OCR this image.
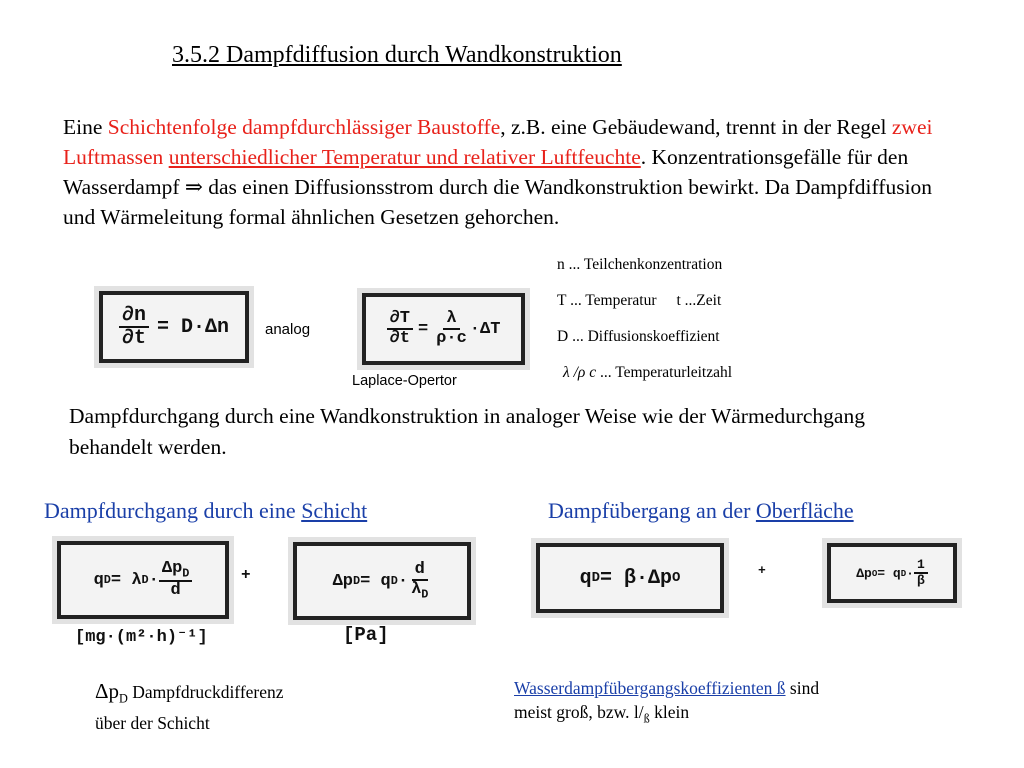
3.5.2 Dampfdiffusion durch Wandkonstruktion
Eine Schichtenfolge dampfdurchlässiger Baustoffe, z.B. eine Gebäudewand, trennt in der Regel zwei Luftmassen unterschiedlicher Temperatur und relativer Luftfeuchte. Konzentrationsgefälle für den Wasserdampf ⇒ das einen Diffusionsstrom durch die Wandkonstruktion bewirkt. Da Dampfdiffusion und Wärmeleitung formal ähnlichen Gesetzen gehorchen.
$\frac{\partial n}{\partial t} = D\cdot\Delta n$ analog	$\frac{\partial T}{\partial t} = \frac{\lambda}{\rho\cdot c} \cdot\Delta T$
Laplace-Opertor
n ... Teilchenkonzentration
T ... Temperatur t ...Zeit
D ... Diffusionskoeffizient
λ /ρ c ... Temperaturleitzahl
Dampfdurchgang durch eine Wandkonstruktion in analoger Weise wie der Wärmedurchgang behandelt werden.
Dampfdurchgang durch eine Schicht
q D = λ $D \cdot \frac{\Delta p_D}{d}$	+	Δp D = q $D \cdot \frac{d}{\lambda_D}$
[mg·(m²·h)⁻¹]	[Pa]
$\Delta p_D$ Dampfdruckdifferenz
über der Schicht
Dampfübergang an der Oberfläche
q D = β·Δp O	+	Δp O = q $D \cdot \frac{1}{\beta}$
Wasserdampfübergangskoeffizienten ß sind
meist groß, bzw. $l/_ß$ klein
